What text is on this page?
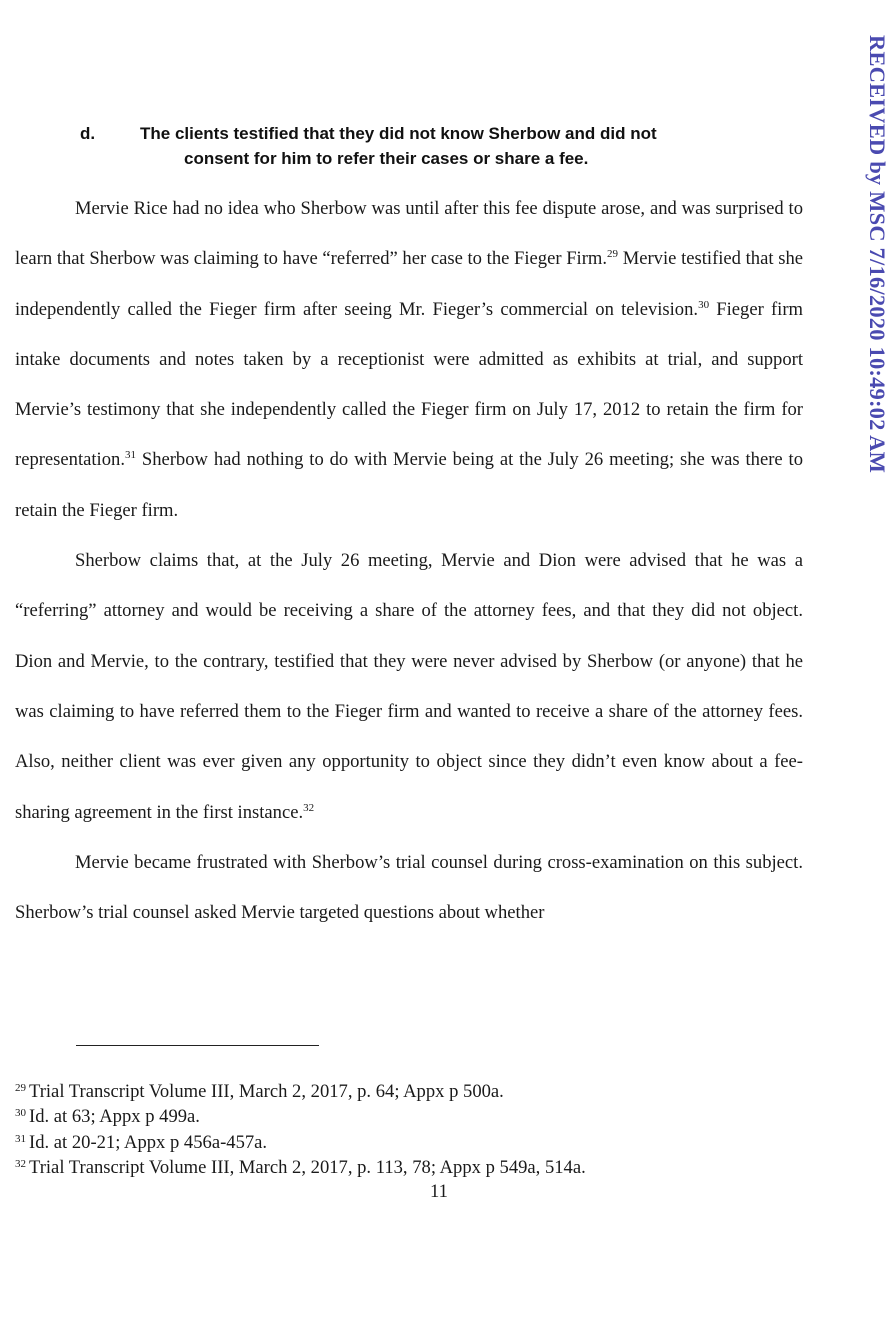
RECEIVED by MSC 7/16/2020 10:49:02 AM
d.	The clients testified that they did not know Sherbow and did not
consent for him to refer their cases or share a fee.

Mervie Rice had no idea who Sherbow was until after this fee dispute arose, and was surprised to learn that Sherbow was claiming to have “referred” her case to the Fieger Firm.$^{29}$ Mervie testified that she independently called the Fieger firm after seeing Mr. Fieger’s commercial on television.$^{30}$ Fieger firm intake documents and notes taken by a receptionist were admitted as exhibits at trial, and support Mervie’s testimony that she independently called the Fieger firm on July 17, 2012 to retain the firm for representation.$^{31}$ Sherbow had nothing to do with Mervie being at the July 26 meeting; she was there to retain the Fieger firm.

Sherbow claims that, at the July 26 meeting, Mervie and Dion were advised that he was a “referring” attorney and would be receiving a share of the attorney fees, and that they did not object. Dion and Mervie, to the contrary, testified that they were never advised by Sherbow (or anyone) that he was claiming to have referred them to the Fieger firm and wanted to receive a share of the attorney fees. Also, neither client was ever given any opportunity to object since they didn’t even know about a fee-sharing agreement in the first instance.$^{32}$

Mervie became frustrated with Sherbow’s trial counsel during cross-examination on this subject. Sherbow’s trial counsel asked Mervie targeted questions about whether

$^{29}$ Trial Transcript Volume III, March 2, 2017, p. 64; Appx p 500a.
$^{30}$ Id. at 63; Appx p 499a.
$^{31}$ Id. at 20-21; Appx p 456a-457a.
$^{32}$ Trial Transcript Volume III, March 2, 2017, p. 113, 78; Appx p 549a, 514a.
11
